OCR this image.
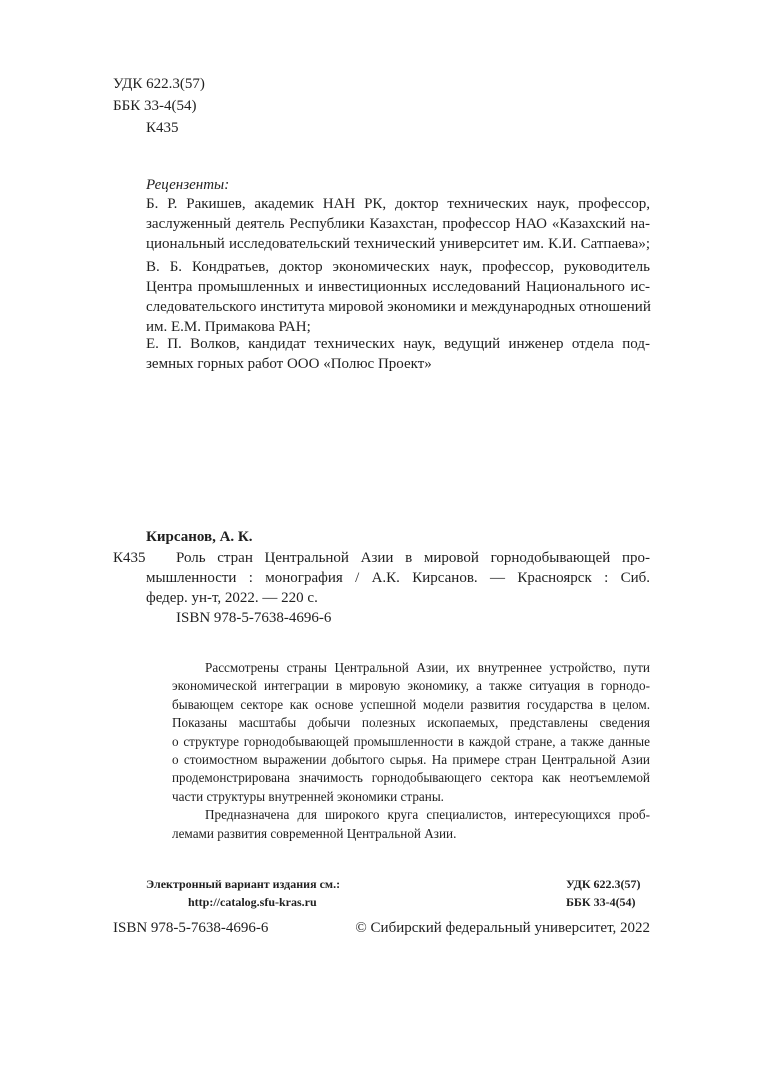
УДК 622.3(57)
ББК 33-4(54)
К435
Рецензенты:
Б. Р. Ракишев, академик НАН РК, доктор технических наук, профессор,
заслуженный деятель Республики Казахстан, профессор НАО «Казахский на-
циональный исследовательский технический университет им. К.И. Сатпаева»;
В. Б. Кондратьев, доктор экономических наук, профессор, руководитель
Центра промышленных и инвестиционных исследований Национального ис-
следовательского института мировой экономики и международных отношений
им. Е.М. Примакова РАН;
Е. П. Волков, кандидат технических наук, ведущий инженер отдела под-
земных горных работ ООО «Полюс Проект»
Кирсанов, А. К.
К435	Роль стран Центральной Азии в мировой горнодобывающей про-
мышленности : монография / А.К. Кирсанов. — Красноярск : Сиб.
федер. ун-т, 2022. — 220 с.
ISBN 978-5-7638-4696-6
Рассмотрены страны Центральной Азии, их внутреннее устройство, пути
экономической интеграции в мировую экономику, а также ситуация в горнодо-
бывающем секторе как основе успешной модели развития государства в целом.
Показаны масштабы добычи полезных ископаемых, представлены сведения
о структуре горнодобывающей промышленности в каждой стране, а также данные
о стоимостном выражении добытого сырья. На примере стран Центральной Азии
продемонстрирована значимость горнодобывающего сектора как неотъемлемой
части структуры внутренней экономики страны.
Предназначена для широкого круга специалистов, интересующихся проб-
лемами развития современной Центральной Азии.
Электронный вариант издания см.:
http://catalog.sfu-kras.ru
УДК 622.3(57)
ББК 33-4(54)
ISBN 978-5-7638-4696-6	© Сибирский федеральный университет, 2022
